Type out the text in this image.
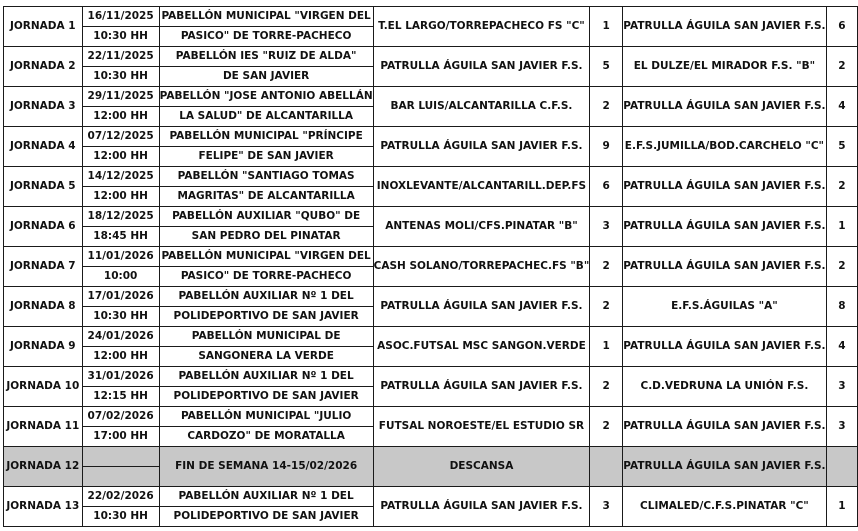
JORNADA 1	16/11/2025	PABELLÓN MUNICIPAL "VIRGEN DEL	T.EL LARGO/TORREPACHECO FS "C"	1	PATRULLA ÁGUILA SAN JAVIER F.S.	6
	10:30 HH	PASICO" DE TORRE-PACHECO				
JORNADA 2	22/11/2025	PABELLÓN IES "RUIZ DE ALDA"	PATRULLA ÁGUILA SAN JAVIER F.S.	5	EL DULZE/EL MIRADOR F.S. "B"	2
	10:30 HH	DE SAN JAVIER				
JORNADA 3	29/11/2025	PABELLÓN "JOSE ANTONIO ABELLÁN	BAR LUIS/ALCANTARILLA C.F.S.	2	PATRULLA ÁGUILA SAN JAVIER F.S.	4
	12:00 HH	LA SALUD" DE ALCANTARILLA				
JORNADA 4	07/12/2025	PABELLÓN MUNICIPAL "PRÍNCIPE	PATRULLA ÁGUILA SAN JAVIER F.S.	9	E.F.S.JUMILLA/BOD.CARCHELO "C"	5
	12:00 HH	FELIPE" DE SAN JAVIER				
JORNADA 5	14/12/2025	PABELLÓN "SANTIAGO TOMAS	INOXLEVANTE/ALCANTARILL.DEP.FS	6	PATRULLA ÁGUILA SAN JAVIER F.S.	2
	12:00 HH	MAGRITAS" DE ALCANTARILLA				
JORNADA 6	18/12/2025	PABELLÓN AUXILIAR "QUBO" DE	ANTENAS MOLI/CFS.PINATAR "B"	3	PATRULLA ÁGUILA SAN JAVIER F.S.	1
	18:45 HH	SAN PEDRO DEL PINATAR				
JORNADA 7	11/01/2026	PABELLÓN MUNICIPAL "VIRGEN DEL	CASH SOLANO/TORREPACHEC.FS "B"	2	PATRULLA ÁGUILA SAN JAVIER F.S.	2
	10:00	PASICO" DE TORRE-PACHECO				
JORNADA 8	17/01/2026	PABELLÓN AUXILIAR Nº 1 DEL	PATRULLA ÁGUILA SAN JAVIER F.S.	2	E.F.S.ÁGUILAS "A"	8
	10:30 HH	POLIDEPORTIVO DE SAN JAVIER				
JORNADA 9	24/01/2026	PABELLÓN MUNICIPAL DE	ASOC.FUTSAL MSC SANGON.VERDE	1	PATRULLA ÁGUILA SAN JAVIER F.S.	4
	12:00 HH	SANGONERA LA VERDE				
JORNADA 10	31/01/2026	PABELLÓN AUXILIAR Nº 1 DEL	PATRULLA ÁGUILA SAN JAVIER F.S.	2	C.D.VEDRUNA LA UNIÓN F.S.	3
	12:15 HH	POLIDEPORTIVO DE SAN JAVIER				
JORNADA 11	07/02/2026	PABELLÓN MUNICIPAL "JULIO	FUTSAL NOROESTE/EL ESTUDIO SR	2	PATRULLA ÁGUILA SAN JAVIER F.S.	3
	17:00 HH	CARDOZO" DE MORATALLA				
JORNADA 12		FIN DE SEMANA 14-15/02/2026	DESCANSA		PATRULLA ÁGUILA SAN JAVIER F.S.	

JORNADA 13	22/02/2026	PABELLÓN AUXILIAR Nº 1 DEL	PATRULLA ÁGUILA SAN JAVIER F.S.	3	CLIMALED/C.F.S.PINATAR "C"	1
	10:30 HH	POLIDEPORTIVO DE SAN JAVIER				
